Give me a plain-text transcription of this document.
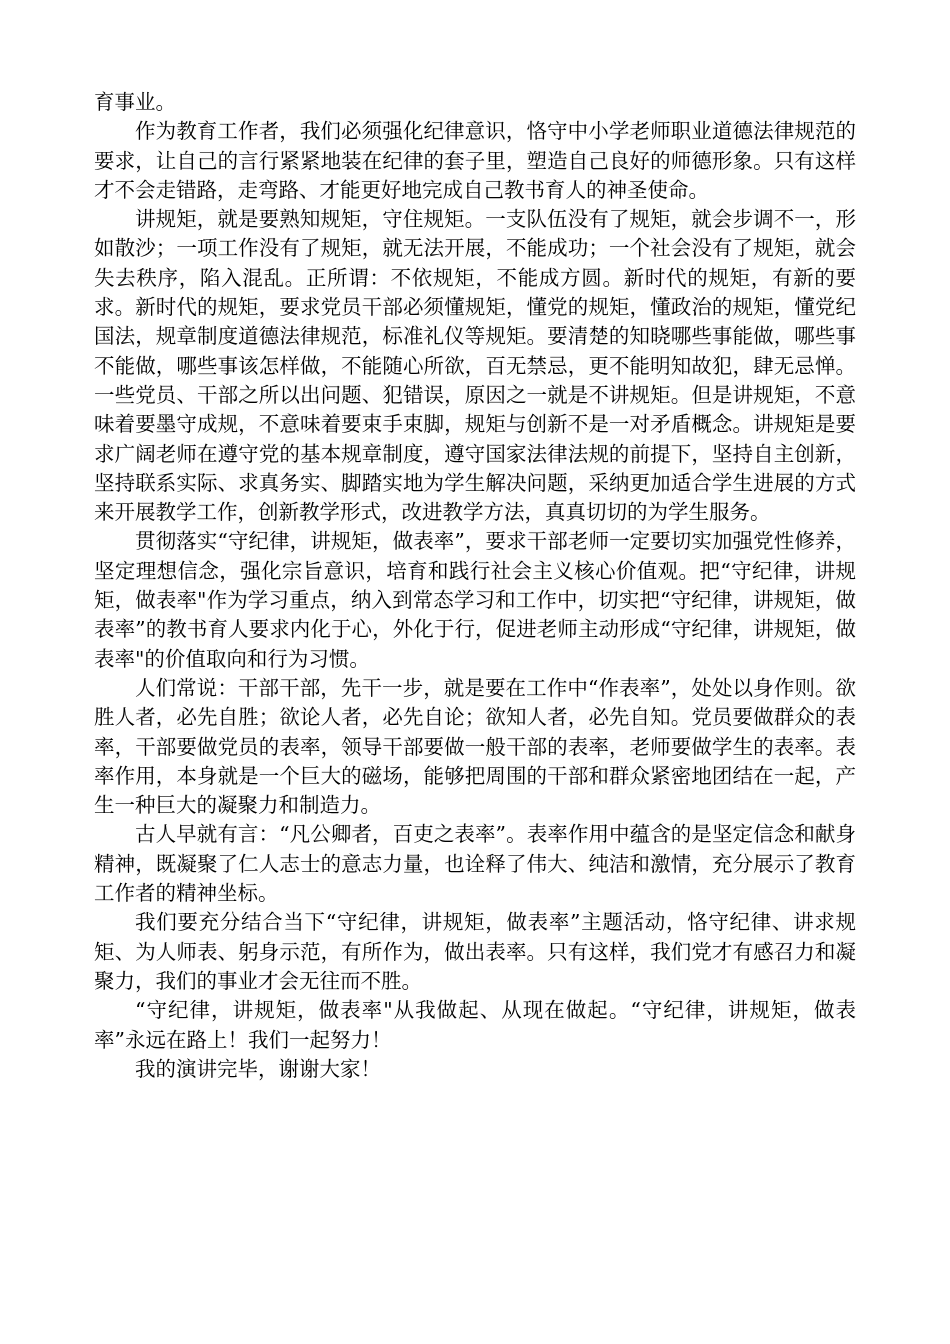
育事业。

作为教育工作者，我们必须强化纪律意识，恪守中小学老师职业道德法律规范的要求，让自己的言行紧紧地装在纪律的套子里，塑造自己良好的师德形象。只有这样才不会走错路，走弯路、才能更好地完成自己教书育人的神圣使命。

讲规矩，就是要熟知规矩，守住规矩。一支队伍没有了规矩，就会步调不一，形如散沙；一项工作没有了规矩，就无法开展，不能成功；一个社会没有了规矩，就会失去秩序，陷入混乱。正所谓：不依规矩，不能成方圆。新时代的规矩，有新的要求。新时代的规矩，要求党员干部必须懂规矩，懂党的规矩，懂政治的规矩，懂党纪国法，规章制度道德法律规范，标准礼仪等规矩。要清楚的知晓哪些事能做，哪些事不能做，哪些事该怎样做，不能随心所欲，百无禁忌，更不能明知故犯，肆无忌惮。一些党员、干部之所以出问题、犯错误，原因之一就是不讲规矩。但是讲规矩，不意味着要墨守成规，不意味着要束手束脚，规矩与创新不是一对矛盾概念。讲规矩是要求广阔老师在遵守党的基本规章制度，遵守国家法律法规的前提下，坚持自主创新，坚持联系实际、求真务实、脚踏实地为学生解决问题，采纳更加适合学生进展的方式来开展教学工作，创新教学形式，改进教学方法，真真切切的为学生服务。

贯彻落实“守纪律，讲规矩，做表率”，要求干部老师一定要切实加强党性修养，坚定理想信念，强化宗旨意识，培育和践行社会主义核心价值观。把“守纪律，讲规矩，做表率"作为学习重点，纳入到常态学习和工作中，切实把“守纪律，讲规矩，做表率”的教书育人要求内化于心，外化于行，促进老师主动形成“守纪律，讲规矩，做表率"的价值取向和行为习惯。

人们常说：干部干部，先干一步，就是要在工作中“作表率”，处处以身作则。欲胜人者，必先自胜；欲论人者，必先自论；欲知人者，必先自知。党员要做群众的表率，干部要做党员的表率，领导干部要做一般干部的表率，老师要做学生的表率。表率作用，本身就是一个巨大的磁场，能够把周围的干部和群众紧密地团结在一起，产生一种巨大的凝聚力和制造力。

古人早就有言：“凡公卿者，百吏之表率”。表率作用中蕴含的是坚定信念和献身精神，既凝聚了仁人志士的意志力量，也诠释了伟大、纯洁和激情，充分展示了教育工作者的精神坐标。

我们要充分结合当下“守纪律，讲规矩，做表率”主题活动，恪守纪律、讲求规矩、为人师表、躬身示范，有所作为，做出表率。只有这样，我们党才有感召力和凝聚力，我们的事业才会无往而不胜。

“守纪律，讲规矩，做表率"从我做起、从现在做起。“守纪律，讲规矩，做表率”永远在路上！我们一起努力！

我的演讲完毕，谢谢大家！
